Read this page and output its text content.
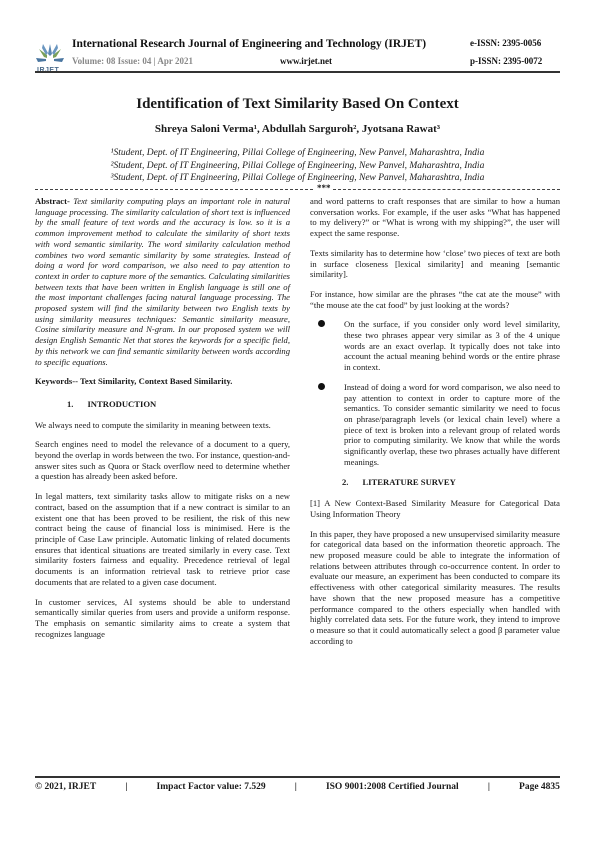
International Research Journal of Engineering and Technology (IRJET)
Volume: 08 Issue: 04 | Apr 2021	www.irjet.net
e-ISSN: 2395-0056
p-ISSN: 2395-0072
Identification of Text Similarity Based On Context
Shreya Saloni Verma¹, Abdullah Sarguroh², Jyotsana Rawat³
¹Student, Dept. of IT Engineering, Pillai College of Engineering, New Panvel, Maharashtra, India
²Student, Dept. of IT Engineering, Pillai College of Engineering, New Panvel, Maharashtra, India
³Student, Dept. of IT Engineering, Pillai College of Engineering, New Panvel, Maharashtra, India
***

Abstract- Text similarity computing plays an important role in natural language processing. The similarity calculation of short text is influenced by the small feature of text words and the accuracy is low. so it is a common improvement method to calculate the similarity of short texts with word semantic similarity. The word similarity calculation method combines two word semantic similarity by some strategies. Instead of doing a word for word comparison, we also need to pay attention to context in order to capture more of the semantics. Calculating similarities between texts that have been written in English language is still one of the most important challenges facing natural language processing. The proposed system will find the similarity between two English texts by using similarity measures techniques: Semantic similarity measure, Cosine similarity measure and N-gram. In our proposed system we will design English Semantic Net that stores the keywords for a specific field, by this network we can find semantic similarity between words according to specific equations.

Keywords-- Text Similarity, Context Based Similarity.

1. INTRODUCTION

We always need to compute the similarity in meaning between texts.

Search engines need to model the relevance of a document to a query, beyond the overlap in words between the two. For instance, question-and-answer sites such as Quora or Stack overflow need to determine whether a question has already been asked before.

In legal matters, text similarity tasks allow to mitigate risks on a new contract, based on the assumption that if a new contract is similar to an existent one that has been proved to be resilient, the risk of this new contract being the cause of financial loss is minimised. Here is the principle of Case Law principle. Automatic linking of related documents ensures that identical situations are treated similarly in every case. Text similarity fosters fairness and equality. Precedence retrieval of legal documents is an information retrieval task to retrieve prior case documents that are related to a given case document.

In customer services, AI systems should be able to understand semantically similar queries from users and provide a uniform response. The emphasis on semantic similarity aims to create a system that recognizes language

and word patterns to craft responses that are similar to how a human conversation works. For example, if the user asks “What has happened to my delivery?” or “What is wrong with my shipping?”, the user will expect the same response.

Texts similarity has to determine how ‘close’ two pieces of text are both in surface closeness [lexical similarity] and meaning [semantic similarity].

For instance, how similar are the phrases “the cat ate the mouse” with “the mouse ate the cat food” by just looking at the words?

On the surface, if you consider only word level similarity, these two phrases appear very similar as 3 of the 4 unique words are an exact overlap. It typically does not take into account the actual meaning behind words or the entire phrase in context.
Instead of doing a word for word comparison, we also need to pay attention to context in order to capture more of the semantics. To consider semantic similarity we need to focus on phrase/paragraph levels (or lexical chain level) where a piece of text is broken into a relevant group of related words prior to computing similarity. We know that while the words significantly overlap, these two phrases actually have different meanings.
2. LITERATURE SURVEY

[1] A New Context-Based Similarity Measure for Categorical Data Using Information Theory

In this paper, they have proposed a new unsupervised similarity measure for categorical data based on the information theoretic approach. The new proposed measure could be able to integrate the information of relations between attributes through co-occurrence content. In order to evaluate our measure, an experiment has been conducted to compare its effectiveness with other categorical similarity measures. The results have shown that the new proposed measure has a competitive performance compared to the others especially when handled with highly correlated data sets. For the future work, they intend to improve o measure so that it could automatically select a good β parameter value according to

© 2021, IRJET	|	Impact Factor value: 7.529	|	ISO 9001:2008 Certified Journal	|	Page 4835
